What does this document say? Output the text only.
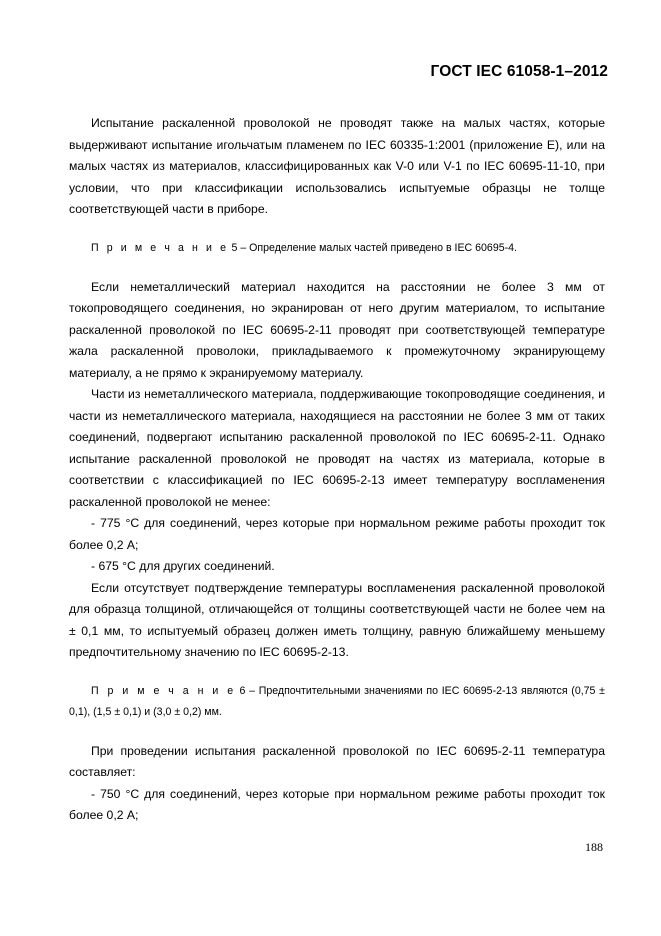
ГОСТ IEC 61058-1–2012

Испытание раскаленной проволокой не проводят также на малых частях, которые выдерживают испытание игольчатым пламенем по IEC 60335-1:2001 (приложение Е), или на малых частях из материалов, классифицированных как V-0 или V-1 по IEC 60695-11-10, при условии, что при классификации использовались испытуемые образцы не толще соответствующей части в приборе.

П р и м е ч а н и е 5 – Определение малых частей приведено в IEC 60695-4.

Если неметаллический материал находится на расстоянии не более 3 мм от токопроводящего соединения, но экранирован от него другим материалом, то испытание раскаленной проволокой по IEC 60695-2-11 проводят при соответствующей температуре жала раскаленной проволоки, прикладываемого к промежуточному экранирующему материалу, а не прямо к экранируемому материалу.

Части из неметаллического материала, поддерживающие токопроводящие соединения, и части из неметаллического материала, находящиеся на расстоянии не более 3 мм от таких соединений, подвергают испытанию раскаленной проволокой по IEC 60695-2-11. Однако испытание раскаленной проволокой не проводят на частях из материала, которые в соответствии с классификацией по IEC 60695-2-13 имеет температуру воспламенения раскаленной проволокой не менее:

- 775 °С для соединений, через которые при нормальном режиме работы проходит ток более 0,2 А;

- 675 °С для других соединений.

Если отсутствует подтверждение температуры воспламенения раскаленной проволокой для образца толщиной, отличающейся от толщины соответствующей части не более чем на ± 0,1 мм, то испытуемый образец должен иметь толщину, равную ближайшему меньшему предпочтительному значению по IEC 60695-2-13.

П р и м е ч а н и е 6 – Предпочтительными значениями по IEC 60695-2-13 являются (0,75 ± 0,1), (1,5 ± 0,1) и (3,0 ± 0,2) мм.

При проведении испытания раскаленной проволокой по IEC 60695-2-11 температура составляет:

- 750 °С для соединений, через которые при нормальном режиме работы проходит ток более 0,2 А;

188
